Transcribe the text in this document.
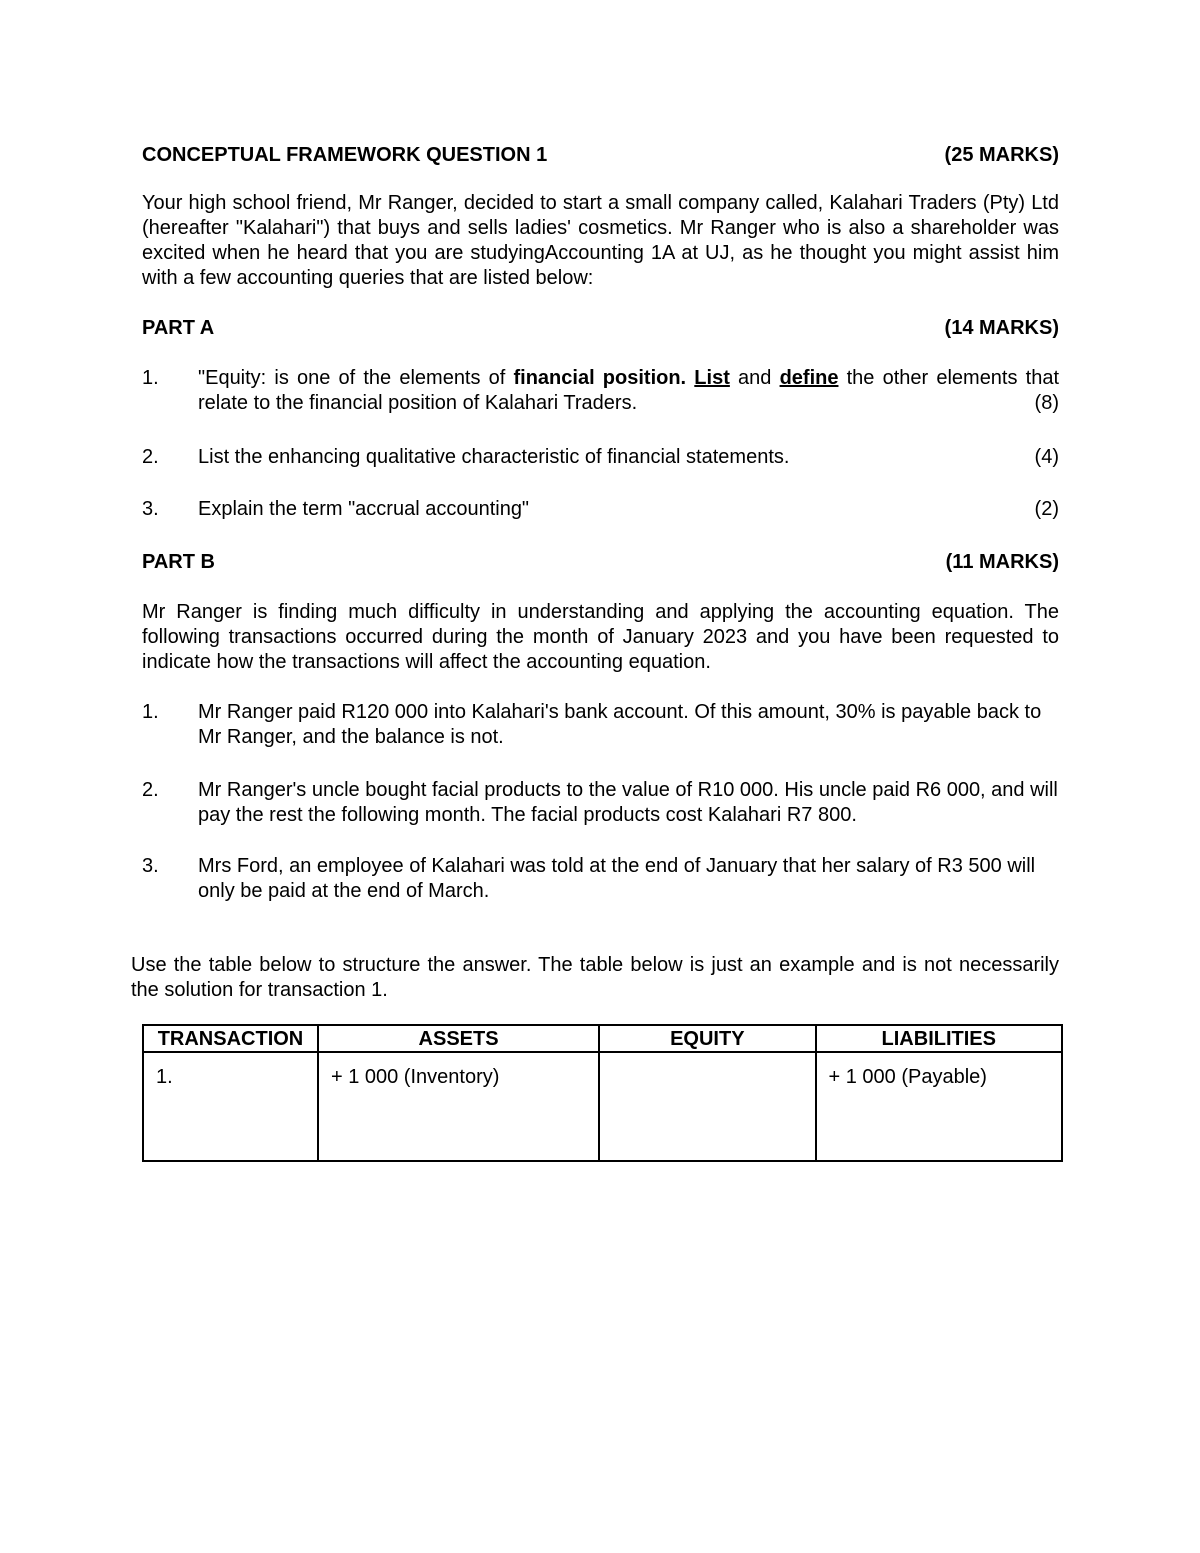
CONCEPTUAL FRAMEWORK QUESTION 1	(25 MARKS)
Your high school friend, Mr Ranger, decided to start a small company called, Kalahari Traders (Pty) Ltd (hereafter "Kalahari") that buys and sells ladies' cosmetics. Mr Ranger who is also a shareholder was excited when he heard that you are studyingAccounting 1A at UJ, as he thought you might assist him with a few accounting queries that are listed below:
PART A	(14 MARKS)
1. "Equity: is one of the elements of financial position. List and define the other elements that relate to the financial position of Kalahari Traders.	(8)
2. List the enhancing qualitative characteristic of financial statements.	(4)
3. Explain the term "accrual accounting"	(2)
PART B	(11 MARKS)
Mr Ranger is finding much difficulty in understanding and applying the accounting equation. The following transactions occurred during the month of January 2023 and you have been requested to indicate how the transactions will affect the accounting equation.
1. Mr Ranger paid R120 000 into Kalahari's bank account. Of this amount, 30% is payable back to Mr Ranger, and the balance is not.
2. Mr Ranger's uncle bought facial products to the value of R10 000. His uncle paid R6 000, and will pay the rest the following month. The facial products cost Kalahari R7 800.
3. Mrs Ford, an employee of Kalahari was told at the end of January that her salary of R3 500 will only be paid at the end of March.
Use the table below to structure the answer. The table below is just an example and is not necessarily the solution for transaction 1.
TRANSACTION	ASSETS	EQUITY	LIABILITIES
1.	+ 1 000 (Inventory)		+ 1 000 (Payable)
